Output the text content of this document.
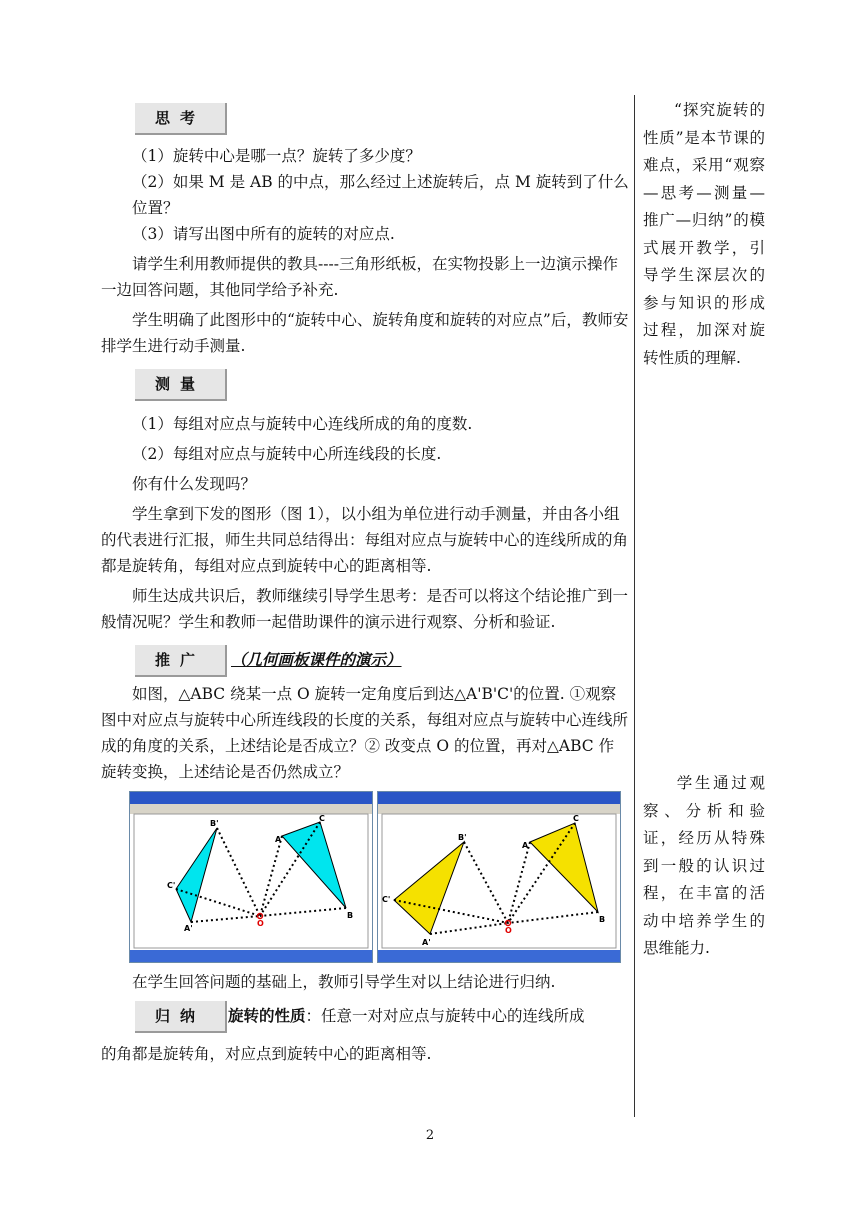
思考

（1）旋转中心是哪一点？旋转了多少度？

（2）如果 M 是 AB 的中点，那么经过上述旋转后，点 M 旋转到了什么位置？

（3）请写出图中所有的旋转的对应点.

请学生利用教师提供的教具----三角形纸板，在实物投影上一边演示操作一边回答问题，其他同学给予补充.

学生明确了此图形中的“旋转中心、旋转角度和旋转的对应点”后，教师安排学生进行动手测量.

测量

（1）每组对应点与旋转中心连线所成的角的度数.

（2）每组对应点与旋转中心所连线段的长度.

你有什么发现吗？

学生拿到下发的图形（图 1），以小组为单位进行动手测量，并由各小组的代表进行汇报，师生共同总结得出：每组对应点与旋转中心的连线所成的角都是旋转角，每组对应点到旋转中心的距离相等.

师生达成共识后，教师继续引导学生思考：是否可以将这个结论推广到一般情况呢？学生和教师一起借助课件的演示进行观察、分析和验证.

推广	（几何画板课件的演示）

如图，△ABC 绕某一点 O 旋转一定角度后到达△A'B'C'的位置. ①观察图中对应点与旋转中心所连线段的长度的关系，每组对应点与旋转中心连线所成的角度的关系，上述结论是否成立？② 改变点 O 的位置，再对△ABC 作旋转变换，上述结论是否仍然成立？

B'
C'
A'
A
C
B
O
B'
C'
A'
A
C
B
O

在学生回答问题的基础上，教师引导学生对以上结论进行归纳.

归纳	旋转的性质：任意一对对应点与旋转中心的连线所成

的角都是旋转角，对应点到旋转中心的距离相等.

“探究旋转的性质”是本节课的难点，采用“观察—思考—测量—推广—归纳”的模式展开教学，引导学生深层次的参与知识的形成过程，加深对旋转性质的理解.
学生通过观察、分析和验证，经历从特殊到一般的认识过程，在丰富的活动中培养学生的思维能力.
2
